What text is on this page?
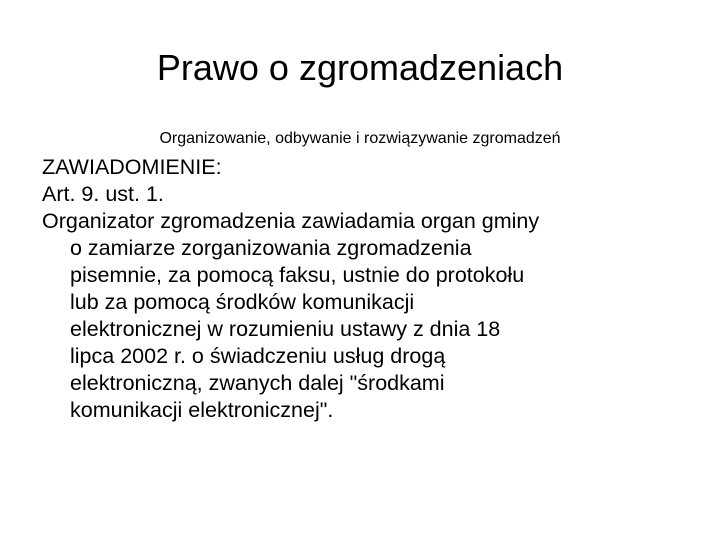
Prawo o zgromadzeniach
Organizowanie, odbywanie i rozwiązywanie zgromadzeń
ZAWIADOMIENIE:
Art. 9. ust. 1.
Organizator zgromadzenia zawiadamia organ gminy
o zamiarze zorganizowania zgromadzenia
pisemnie, za pomocą faksu, ustnie do protokołu
lub za pomocą środków komunikacji
elektronicznej w rozumieniu ustawy z dnia 18
lipca 2002 r. o świadczeniu usług drogą
elektroniczną, zwanych dalej "środkami
komunikacji elektronicznej".
